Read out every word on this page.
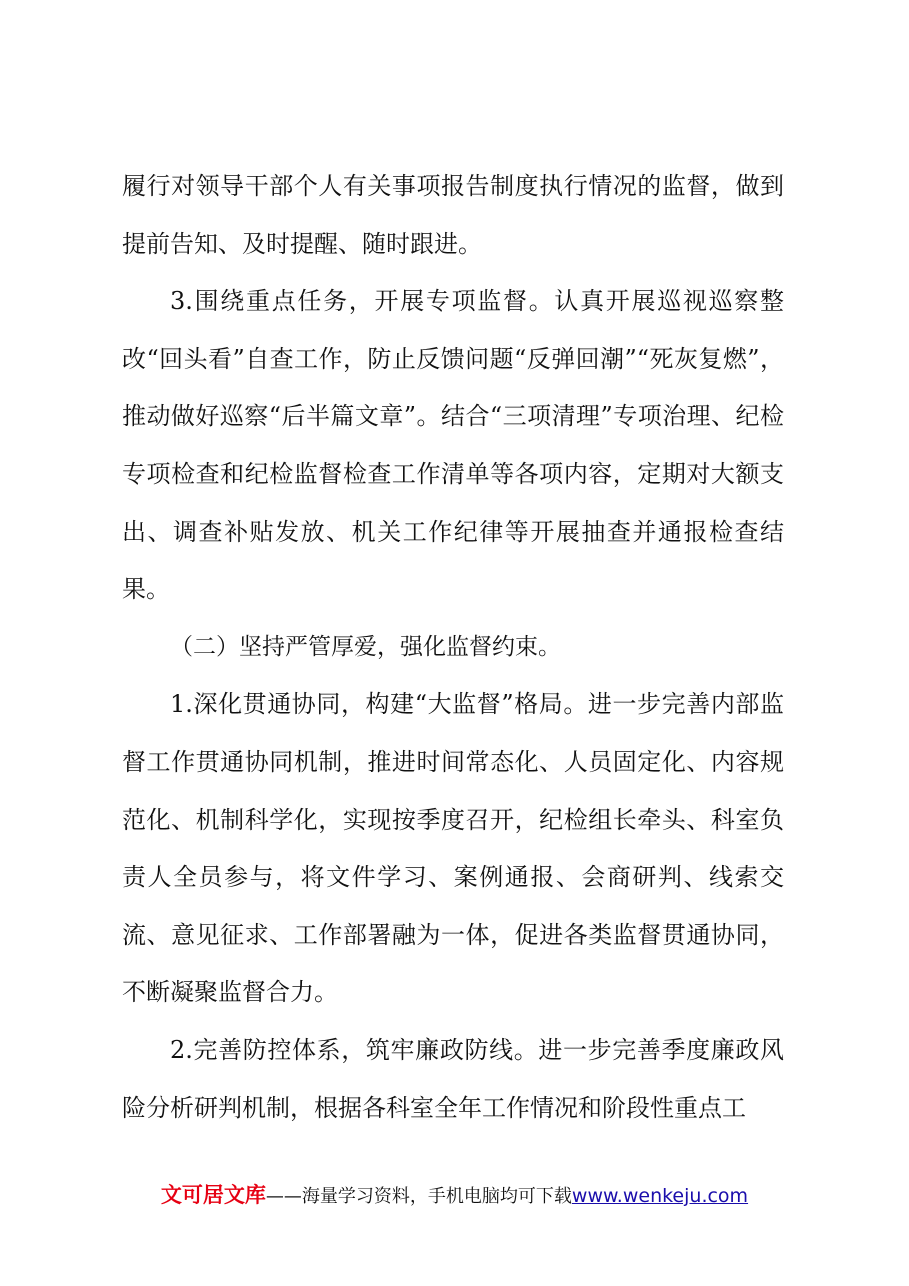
履行对领导干部个人有关事项报告制度执行情况的监督，做到提前告知、及时提醒、随时跟进。

3.围绕重点任务，开展专项监督。认真开展巡视巡察整改“回头看”自查工作，防止反馈问题“反弹回潮”“死灰复燃”，推动做好巡察“后半篇文章”。结合“三项清理”专项治理、纪检专项检查和纪检监督检查工作清单等各项内容，定期对大额支出、调查补贴发放、机关工作纪律等开展抽查并通报检查结果。

（二）坚持严管厚爱，强化监督约束。

1.深化贯通协同，构建“大监督”格局。进一步完善内部监督工作贯通协同机制，推进时间常态化、人员固定化、内容规范化、机制科学化，实现按季度召开，纪检组长牵头、科室负责人全员参与，将文件学习、案例通报、会商研判、线索交流、意见征求、工作部署融为一体，促进各类监督贯通协同，不断凝聚监督合力。

2.完善防控体系，筑牢廉政防线。进一步完善季度廉政风险分析研判机制，根据各科室全年工作情况和阶段性重点工

文可居文库——海量学习资料，手机电脑均可下载www.wenkeju.com
